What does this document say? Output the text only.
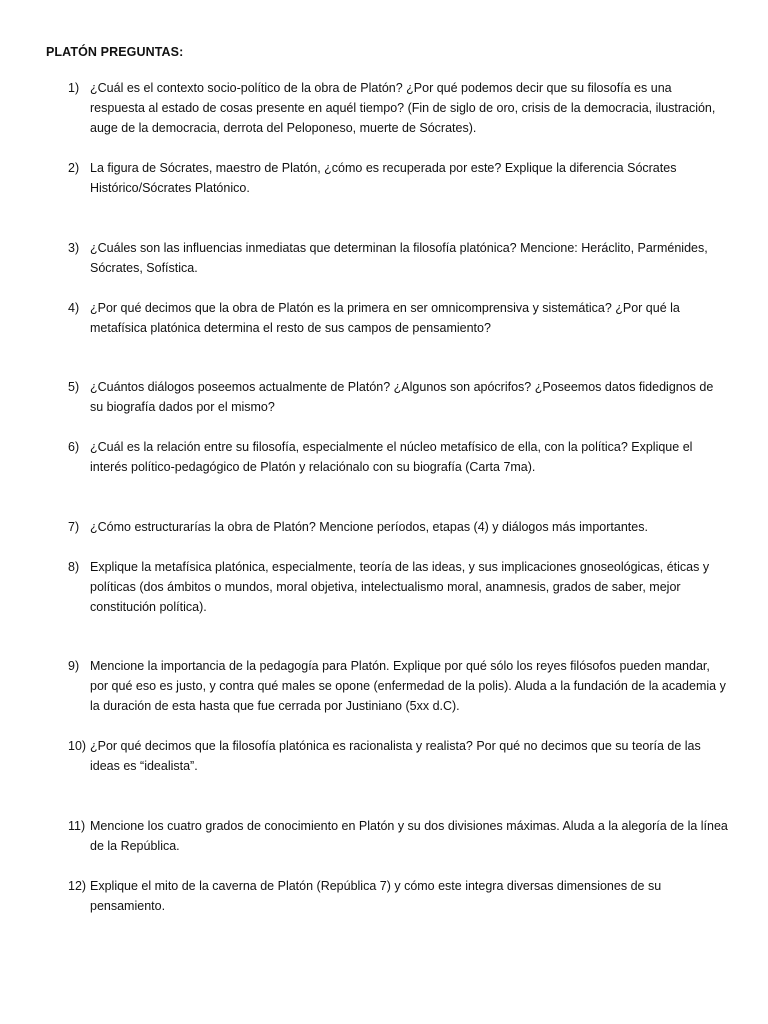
PLATÓN PREGUNTAS:
1) ¿Cuál es el contexto socio-político de la obra de Platón? ¿Por qué podemos decir que su filosofía es una respuesta al estado de cosas presente en aquél tiempo? (Fin de siglo de oro, crisis de la democracia, ilustración, auge de la democracia, derrota del Peloponeso, muerte de Sócrates).
2) La figura de Sócrates, maestro de Platón, ¿cómo es recuperada por este? Explique la diferencia Sócrates Histórico/Sócrates Platónico.
3) ¿Cuáles son las influencias inmediatas que determinan la filosofía platónica? Mencione: Heráclito, Parménides, Sócrates, Sofística.
4) ¿Por qué decimos que la obra de Platón es la primera en ser omnicomprensiva y sistemática? ¿Por qué la metafísica platónica determina el resto de sus campos de pensamiento?
5) ¿Cuántos diálogos poseemos actualmente de Platón? ¿Algunos son apócrifos? ¿Poseemos datos fidedignos de su biografía dados por el mismo?
6) ¿Cuál es la relación entre su filosofía, especialmente el núcleo metafísico de ella, con la política? Explique el interés político-pedagógico de Platón y relaciónalo con su biografía (Carta 7ma).
7) ¿Cómo estructurarías la obra de Platón? Mencione períodos, etapas (4) y diálogos más importantes.
8) Explique la metafísica platónica, especialmente, teoría de las ideas, y sus implicaciones gnoseológicas, éticas y políticas (dos ámbitos o mundos, moral objetiva, intelectualismo moral, anamnesis, grados de saber, mejor constitución política).
9) Mencione la importancia de la pedagogía para Platón. Explique por qué sólo los reyes filósofos pueden mandar, por qué eso es justo, y contra qué males se opone (enfermedad de la polis). Aluda a la fundación de la academia y la duración de esta hasta que fue cerrada por Justiniano (5xx d.C).
10) ¿Por qué decimos que la filosofía platónica es racionalista y realista? Por qué no decimos que su teoría de las ideas es “idealista”.
11) Mencione los cuatro grados de conocimiento en Platón y su dos divisiones máximas. Aluda a la alegoría de la línea de la República.
12) Explique el mito de la caverna de Platón (República 7) y cómo este integra diversas dimensiones de su pensamiento.
